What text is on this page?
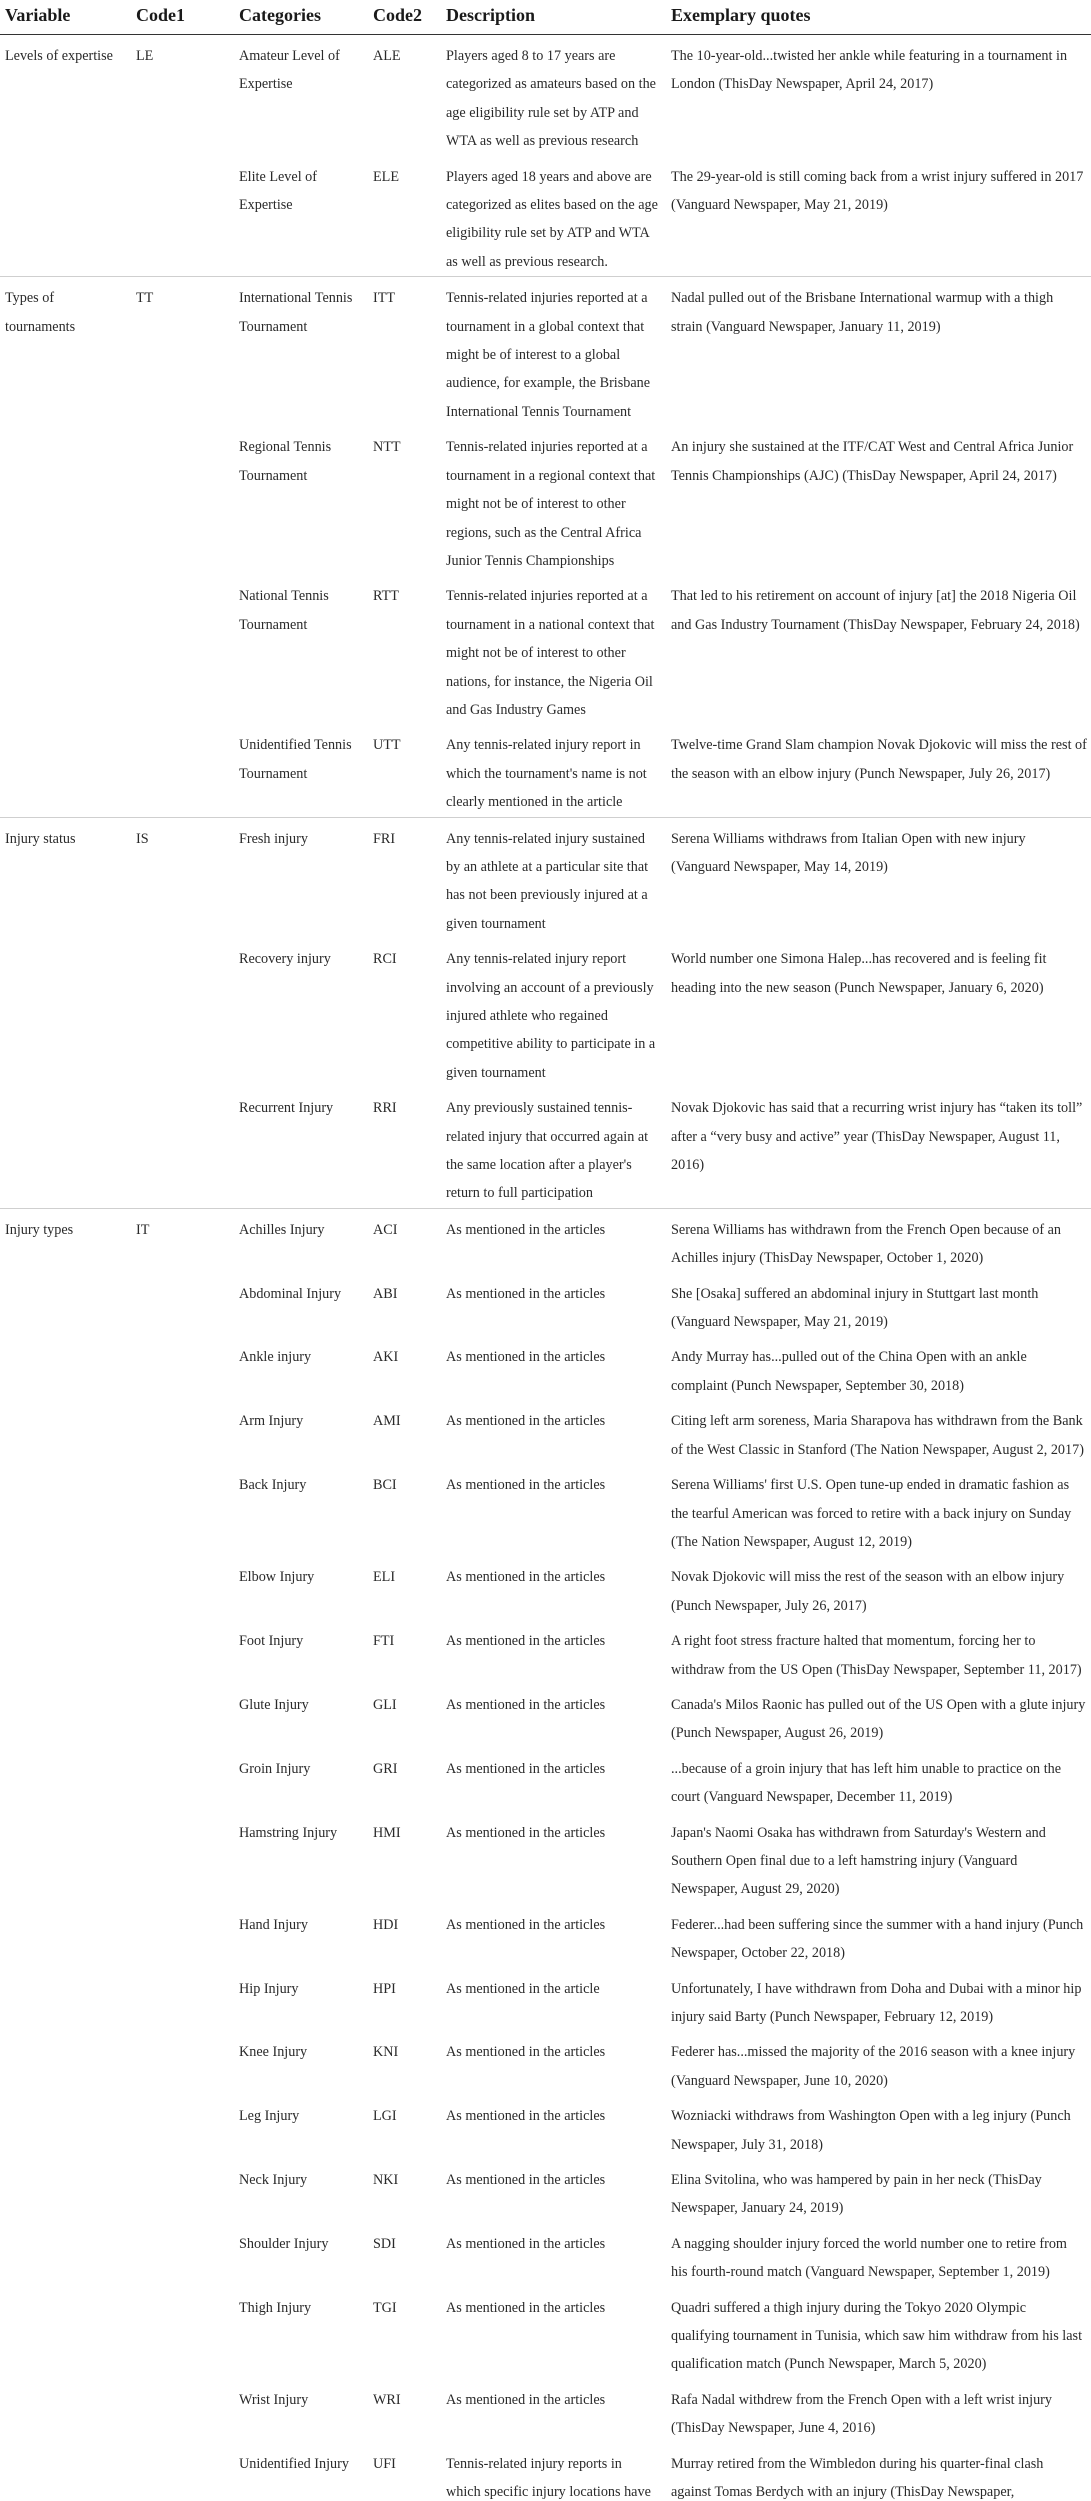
Variable	Code1	Categories	Code2	Description	Exemplary quotes
Levels of expertise	LE	Amateur Level of Expertise	ALE	Players aged 8 to 17 years are categorized as amateurs based on the age eligibility rule set by ATP and WTA as well as previous research	The 10-year-old...twisted her ankle while featuring in a tournament in London (ThisDay Newspaper, April 24, 2017)
		Elite Level of Expertise	ELE	Players aged 18 years and above are categorized as elites based on the age eligibility rule set by ATP and WTA as well as previous research.	The 29-year-old is still coming back from a wrist injury suffered in 2017 (Vanguard Newspaper, May 21, 2019)
Types of tournaments	TT	International Tennis Tournament	ITT	Tennis-related injuries reported at a tournament in a global context that might be of interest to a global audience, for example, the Brisbane International Tennis Tournament	Nadal pulled out of the Brisbane International warmup with a thigh strain (Vanguard Newspaper, January 11, 2019)
		Regional Tennis Tournament	NTT	Tennis-related injuries reported at a tournament in a regional context that might not be of interest to other regions, such as the Central Africa Junior Tennis Championships	An injury she sustained at the ITF/CAT West and Central Africa Junior Tennis Championships (AJC) (ThisDay Newspaper, April 24, 2017)
		National Tennis Tournament	RTT	Tennis-related injuries reported at a tournament in a national context that might not be of interest to other nations, for instance, the Nigeria Oil and Gas Industry Games	That led to his retirement on account of injury [at] the 2018 Nigeria Oil and Gas Industry Tournament (ThisDay Newspaper, February 24, 2018)
		Unidentified Tennis Tournament	UTT	Any tennis-related injury report in which the tournament's name is not clearly mentioned in the article	Twelve-time Grand Slam champion Novak Djokovic will miss the rest of the season with an elbow injury (Punch Newspaper, July 26, 2017)
Injury status	IS	Fresh injury	FRI	Any tennis-related injury sustained by an athlete at a particular site that has not been previously injured at a given tournament	Serena Williams withdraws from Italian Open with new injury (Vanguard Newspaper, May 14, 2019)
		Recovery injury	RCI	Any tennis-related injury report involving an account of a previously injured athlete who regained competitive ability to participate in a given tournament	World number one Simona Halep...has recovered and is feeling fit heading into the new season (Punch Newspaper, January 6, 2020)
		Recurrent Injury	RRI	Any previously sustained tennis-related injury that occurred again at the same location after a player's return to full participation	Novak Djokovic has said that a recurring wrist injury has “taken its toll” after a “very busy and active” year (ThisDay Newspaper, August 11, 2016)
Injury types	IT	Achilles Injury	ACI	As mentioned in the articles	Serena Williams has withdrawn from the French Open because of an Achilles injury (ThisDay Newspaper, October 1, 2020)
		Abdominal Injury	ABI	As mentioned in the articles	She [Osaka] suffered an abdominal injury in Stuttgart last month (Vanguard Newspaper, May 21, 2019)
		Ankle injury	AKI	As mentioned in the articles	Andy Murray has...pulled out of the China Open with an ankle complaint (Punch Newspaper, September 30, 2018)
		Arm Injury	AMI	As mentioned in the articles	Citing left arm soreness, Maria Sharapova has withdrawn from the Bank of the West Classic in Stanford (The Nation Newspaper, August 2, 2017)
		Back Injury	BCI	As mentioned in the articles	Serena Williams' first U.S. Open tune-up ended in dramatic fashion as the tearful American was forced to retire with a back injury on Sunday (The Nation Newspaper, August 12, 2019)
		Elbow Injury	ELI	As mentioned in the articles	Novak Djokovic will miss the rest of the season with an elbow injury (Punch Newspaper, July 26, 2017)
		Foot Injury	FTI	As mentioned in the articles	A right foot stress fracture halted that momentum, forcing her to withdraw from the US Open (ThisDay Newspaper, September 11, 2017)
		Glute Injury	GLI	As mentioned in the articles	Canada's Milos Raonic has pulled out of the US Open with a glute injury (Punch Newspaper, August 26, 2019)
		Groin Injury	GRI	As mentioned in the articles	...because of a groin injury that has left him unable to practice on the court (Vanguard Newspaper, December 11, 2019)
		Hamstring Injury	HMI	As mentioned in the articles	Japan's Naomi Osaka has withdrawn from Saturday's Western and Southern Open final due to a left hamstring injury (Vanguard Newspaper, August 29, 2020)
		Hand Injury	HDI	As mentioned in the articles	Federer...had been suffering since the summer with a hand injury (Punch Newspaper, October 22, 2018)
		Hip Injury	HPI	As mentioned in the article	Unfortunately, I have withdrawn from Doha and Dubai with a minor hip injury said Barty (Punch Newspaper, February 12, 2019)
		Knee Injury	KNI	As mentioned in the articles	Federer has...missed the majority of the 2016 season with a knee injury (Vanguard Newspaper, June 10, 2020)
		Leg Injury	LGI	As mentioned in the articles	Wozniacki withdraws from Washington Open with a leg injury (Punch Newspaper, July 31, 2018)
		Neck Injury	NKI	As mentioned in the articles	Elina Svitolina, who was hampered by pain in her neck (ThisDay Newspaper, January 24, 2019)
		Shoulder Injury	SDI	As mentioned in the articles	A nagging shoulder injury forced the world number one to retire from his fourth-round match (Vanguard Newspaper, September 1, 2019)
		Thigh Injury	TGI	As mentioned in the articles	Quadri suffered a thigh injury during the Tokyo 2020 Olympic qualifying tournament in Tunisia, which saw him withdraw from his last qualification match (Punch Newspaper, March 5, 2020)
		Wrist Injury	WRI	As mentioned in the articles	Rafa Nadal withdrew from the French Open with a left wrist injury (ThisDay Newspaper, June 4, 2016)
		Unidentified Injury	UFI	Tennis-related injury reports in which specific injury locations have	Murray retired from the Wimbledon during his quarter-final clash against Tomas Berdych with an injury (ThisDay Newspaper,
